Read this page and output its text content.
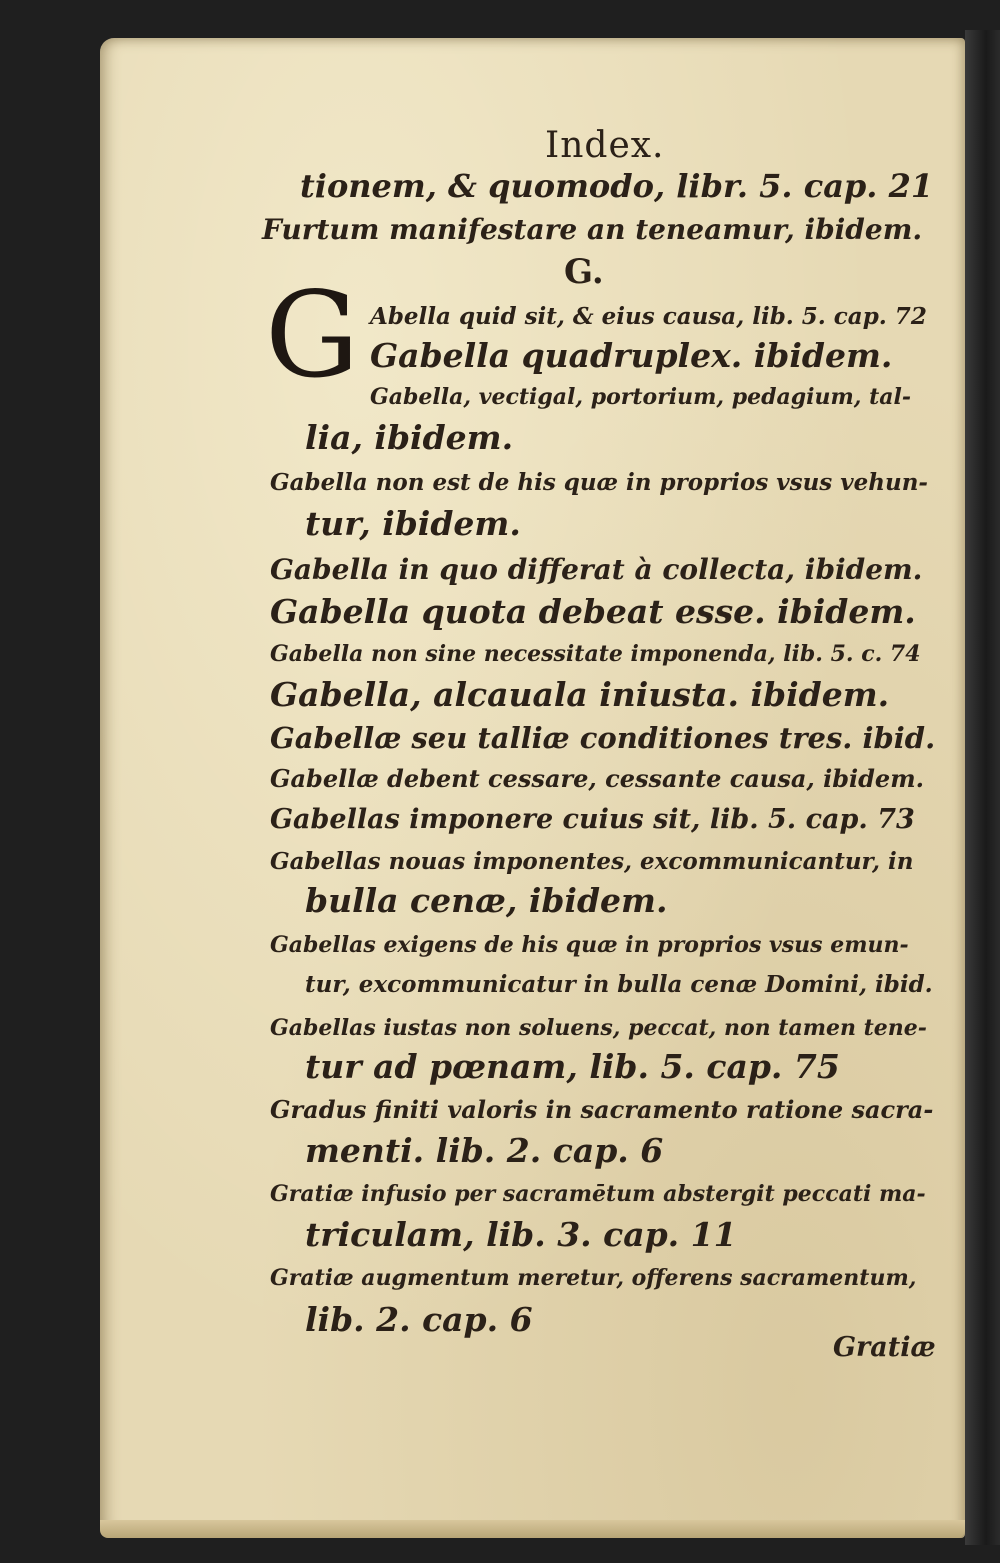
Index.

tionem, & quomodo, libr. 5. cap. 21

Furtum manifestare an teneamur, ibidem.

G.
G Abella quid sit, & eius causa, lib. 5. cap. 72

Gabella quadruplex. ibidem.

Gabella, vectigal, portorium, pedagium, tal-

lia, ibidem.

Gabella non est de his quæ in proprios vsus vehun-

tur, ibidem.

Gabella in quo differat à collecta, ibidem.

Gabella quota debeat esse. ibidem.

Gabella non sine necessitate imponenda, lib. 5. c. 74

Gabella, alcauala iniusta. ibidem.

Gabellæ seu talliæ conditiones tres. ibid.

Gabellæ debent cessare, cessante causa, ibidem.

Gabellas imponere cuius sit, lib. 5. cap. 73

Gabellas nouas imponentes, excommunicantur, in

bulla cenæ, ibidem.

Gabellas exigens de his quæ in proprios vsus emun-

tur, excommunicatur in bulla cenæ Domini, ibid.

Gabellas iustas non soluens, peccat, non tamen tene-

tur ad pœnam, lib. 5. cap. 75

Gradus finiti valoris in sacramento ratione sacra-

menti. lib. 2. cap. 6

Gratiæ infusio per sacramētum abstergit peccati ma-

triculam, lib. 3. cap. 11

Gratiæ augmentum meretur, offerens sacramentum,

lib. 2. cap. 6

Gratiæ
